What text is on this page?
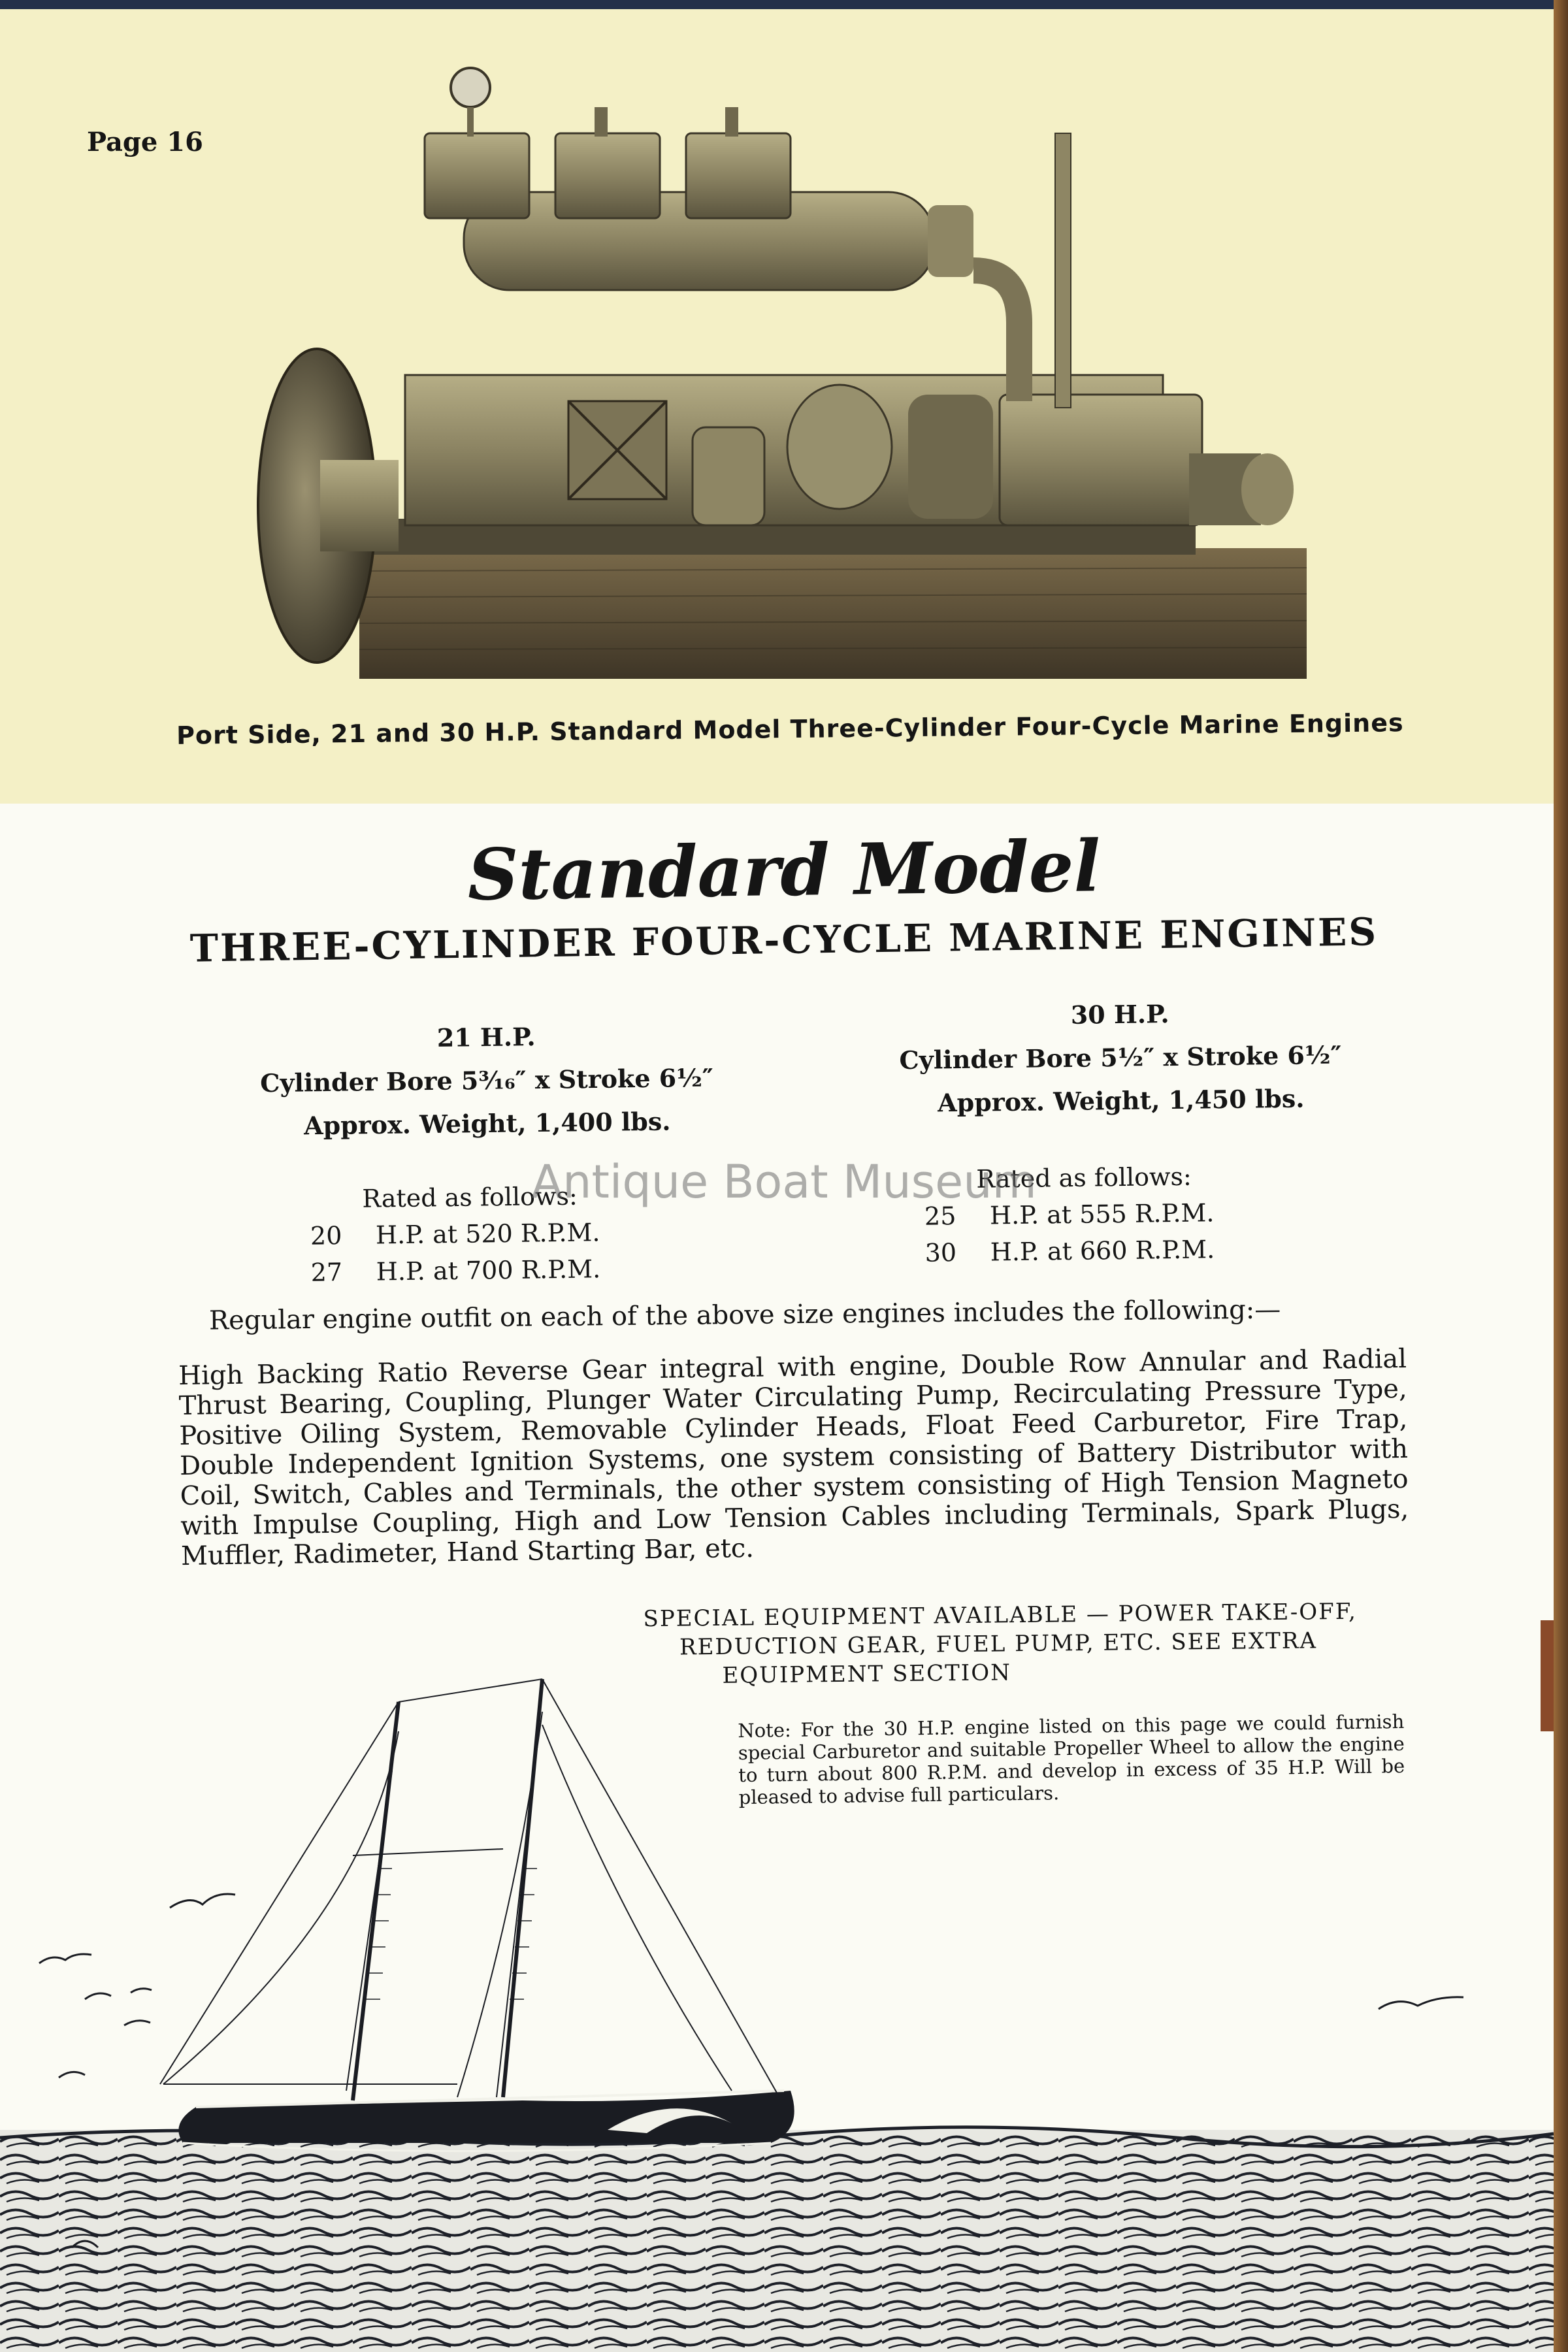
Page 16
Port Side, 21 and 30 H.P. Standard Model Three-Cylinder Four-Cycle Marine Engines
Standard Model
THREE-CYLINDER FOUR-CYCLE MARINE ENGINES
21 H.P.
Cylinder Bore 5³⁄₁₆″ x Stroke 6½″
Approx. Weight, 1,400 lbs.
30 H.P.
Cylinder Bore 5½″ x Stroke 6½″
Approx. Weight, 1,450 lbs.
Rated as follows:
20 H.P. at 520 R.P.M.
27 H.P. at 700 R.P.M.
Rated as follows:
25 H.P. at 555 R.P.M.
30 H.P. at 660 R.P.M.
Antique Boat Museum
Regular engine outfit on each of the above size engines includes the following:—
High Backing Ratio Reverse Gear integral with engine, Double Row Annular and Radial Thrust Bearing, Coupling, Plunger Water Circulating Pump, Recirculating Pressure Type, Positive Oiling System, Removable Cylinder Heads, Float Feed Carburetor, Fire Trap, Double Independent Ignition Systems, one system consisting of Battery Distributor with Coil, Switch, Cables and Terminals, the other system consisting of High Tension Magneto with Impulse Coupling, High and Low Tension Cables including Terminals, Spark Plugs, Muffler, Radimeter, Hand Starting Bar, etc.
SPECIAL EQUIPMENT AVAILABLE — POWER TAKE-OFF,
REDUCTION GEAR, FUEL PUMP, ETC. SEE EXTRA
EQUIPMENT SECTION
Note: For the 30 H.P. engine listed on this page we could furnish special Carburetor and suitable Propeller Wheel to allow the engine to turn about 800 R.P.M. and develop in excess of 35 H.P. Will be pleased to advise full particulars.
